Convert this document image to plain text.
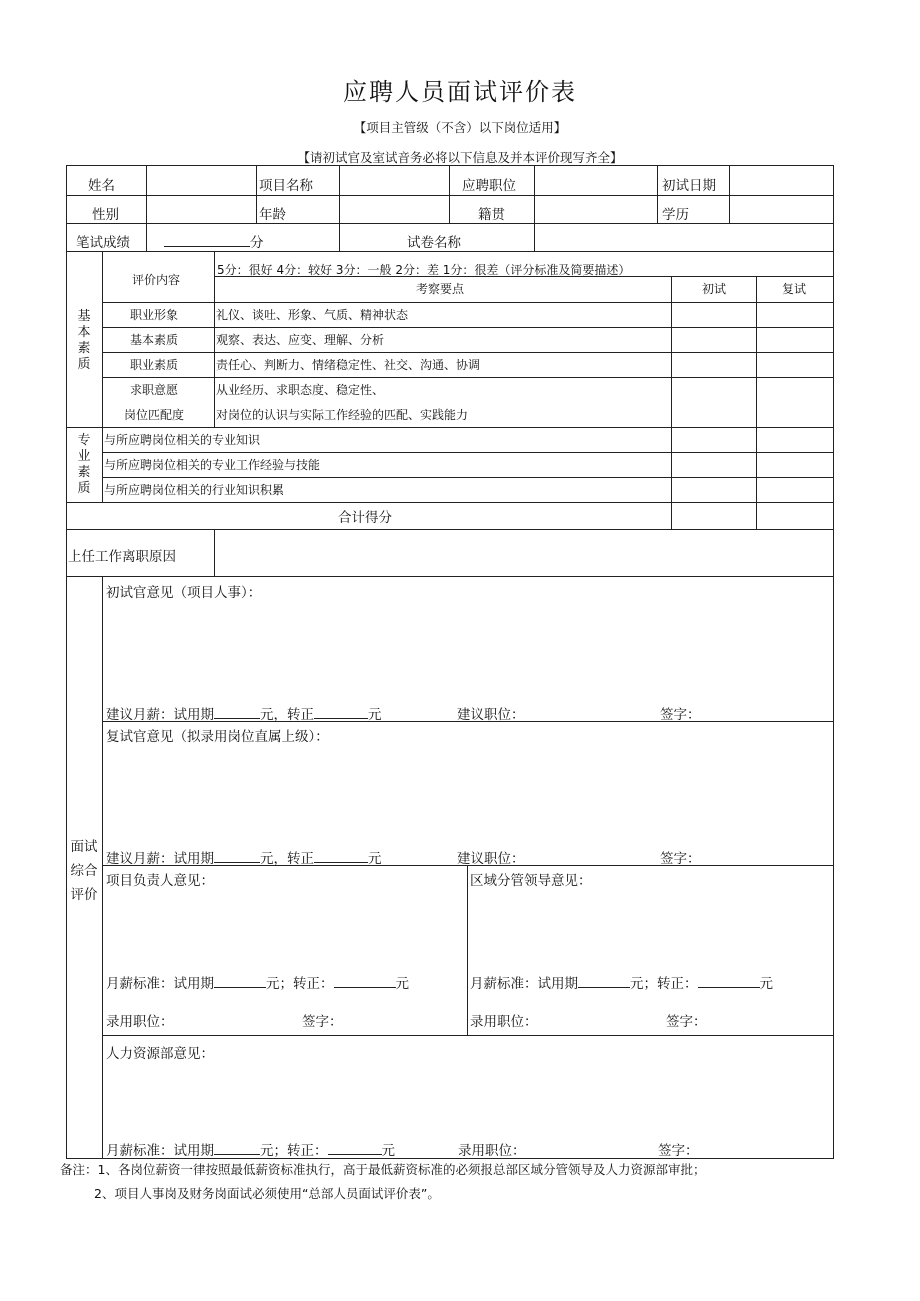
应聘人员面试评价表
【项目主管级（不含）以下岗位适用】
【请初试官及室试音务必将以下信息及并本评价现写齐全】
姓名	项目名称	应聘职位	初试日期
性别	年龄	籍贯	学历
笔试成绩	分	试卷名称
评价内容
5分：很好 4分：较好 3分：一般 2分：差 1分：很差（评分标准及简要描述）
考察要点	初试	复试
基本素质
职业形象	礼仪、谈吐、形象、气质、精神状态
基本素质	观察、表达、应变、理解、分析
职业素质	责任心、判断力、情绪稳定性、社交、沟通、协调
求职意愿	从业经历、求职态度、稳定性、
岗位匹配度	对岗位的认识与实际工作经验的匹配、实践能力
专业素质
与所应聘岗位相关的专业知识
与所应聘岗位相关的专业工作经验与技能
与所应聘岗位相关的行业知识积累
合计得分
上任工作离职原因
面试综合评价
初试官意见（项目人事）：
建议月薪：试用期	元，转正	元	建议职位：	签字：
复试官意见（拟录用岗位直属上级）：
建议月薪：试用期	元，转正	元	建议职位：	签字：
项目负责人意见：	区域分管领导意见：
月薪标准：试用期	元；转正：	元	月薪标准：试用期	元；转正：	元
录用职位：	签字：	录用职位：	签字：
人力资源部意见：
月薪标准：试用期	元；转正：	元	录用职位：	签字：
备注：1、各岗位薪资一律按照最低薪资标准执行，高于最低薪资标准的必须报总部区域分管领导及人力资源部审批；
2、项目人事岗及财务岗面试必须使用“总部人员面试评价表”。
